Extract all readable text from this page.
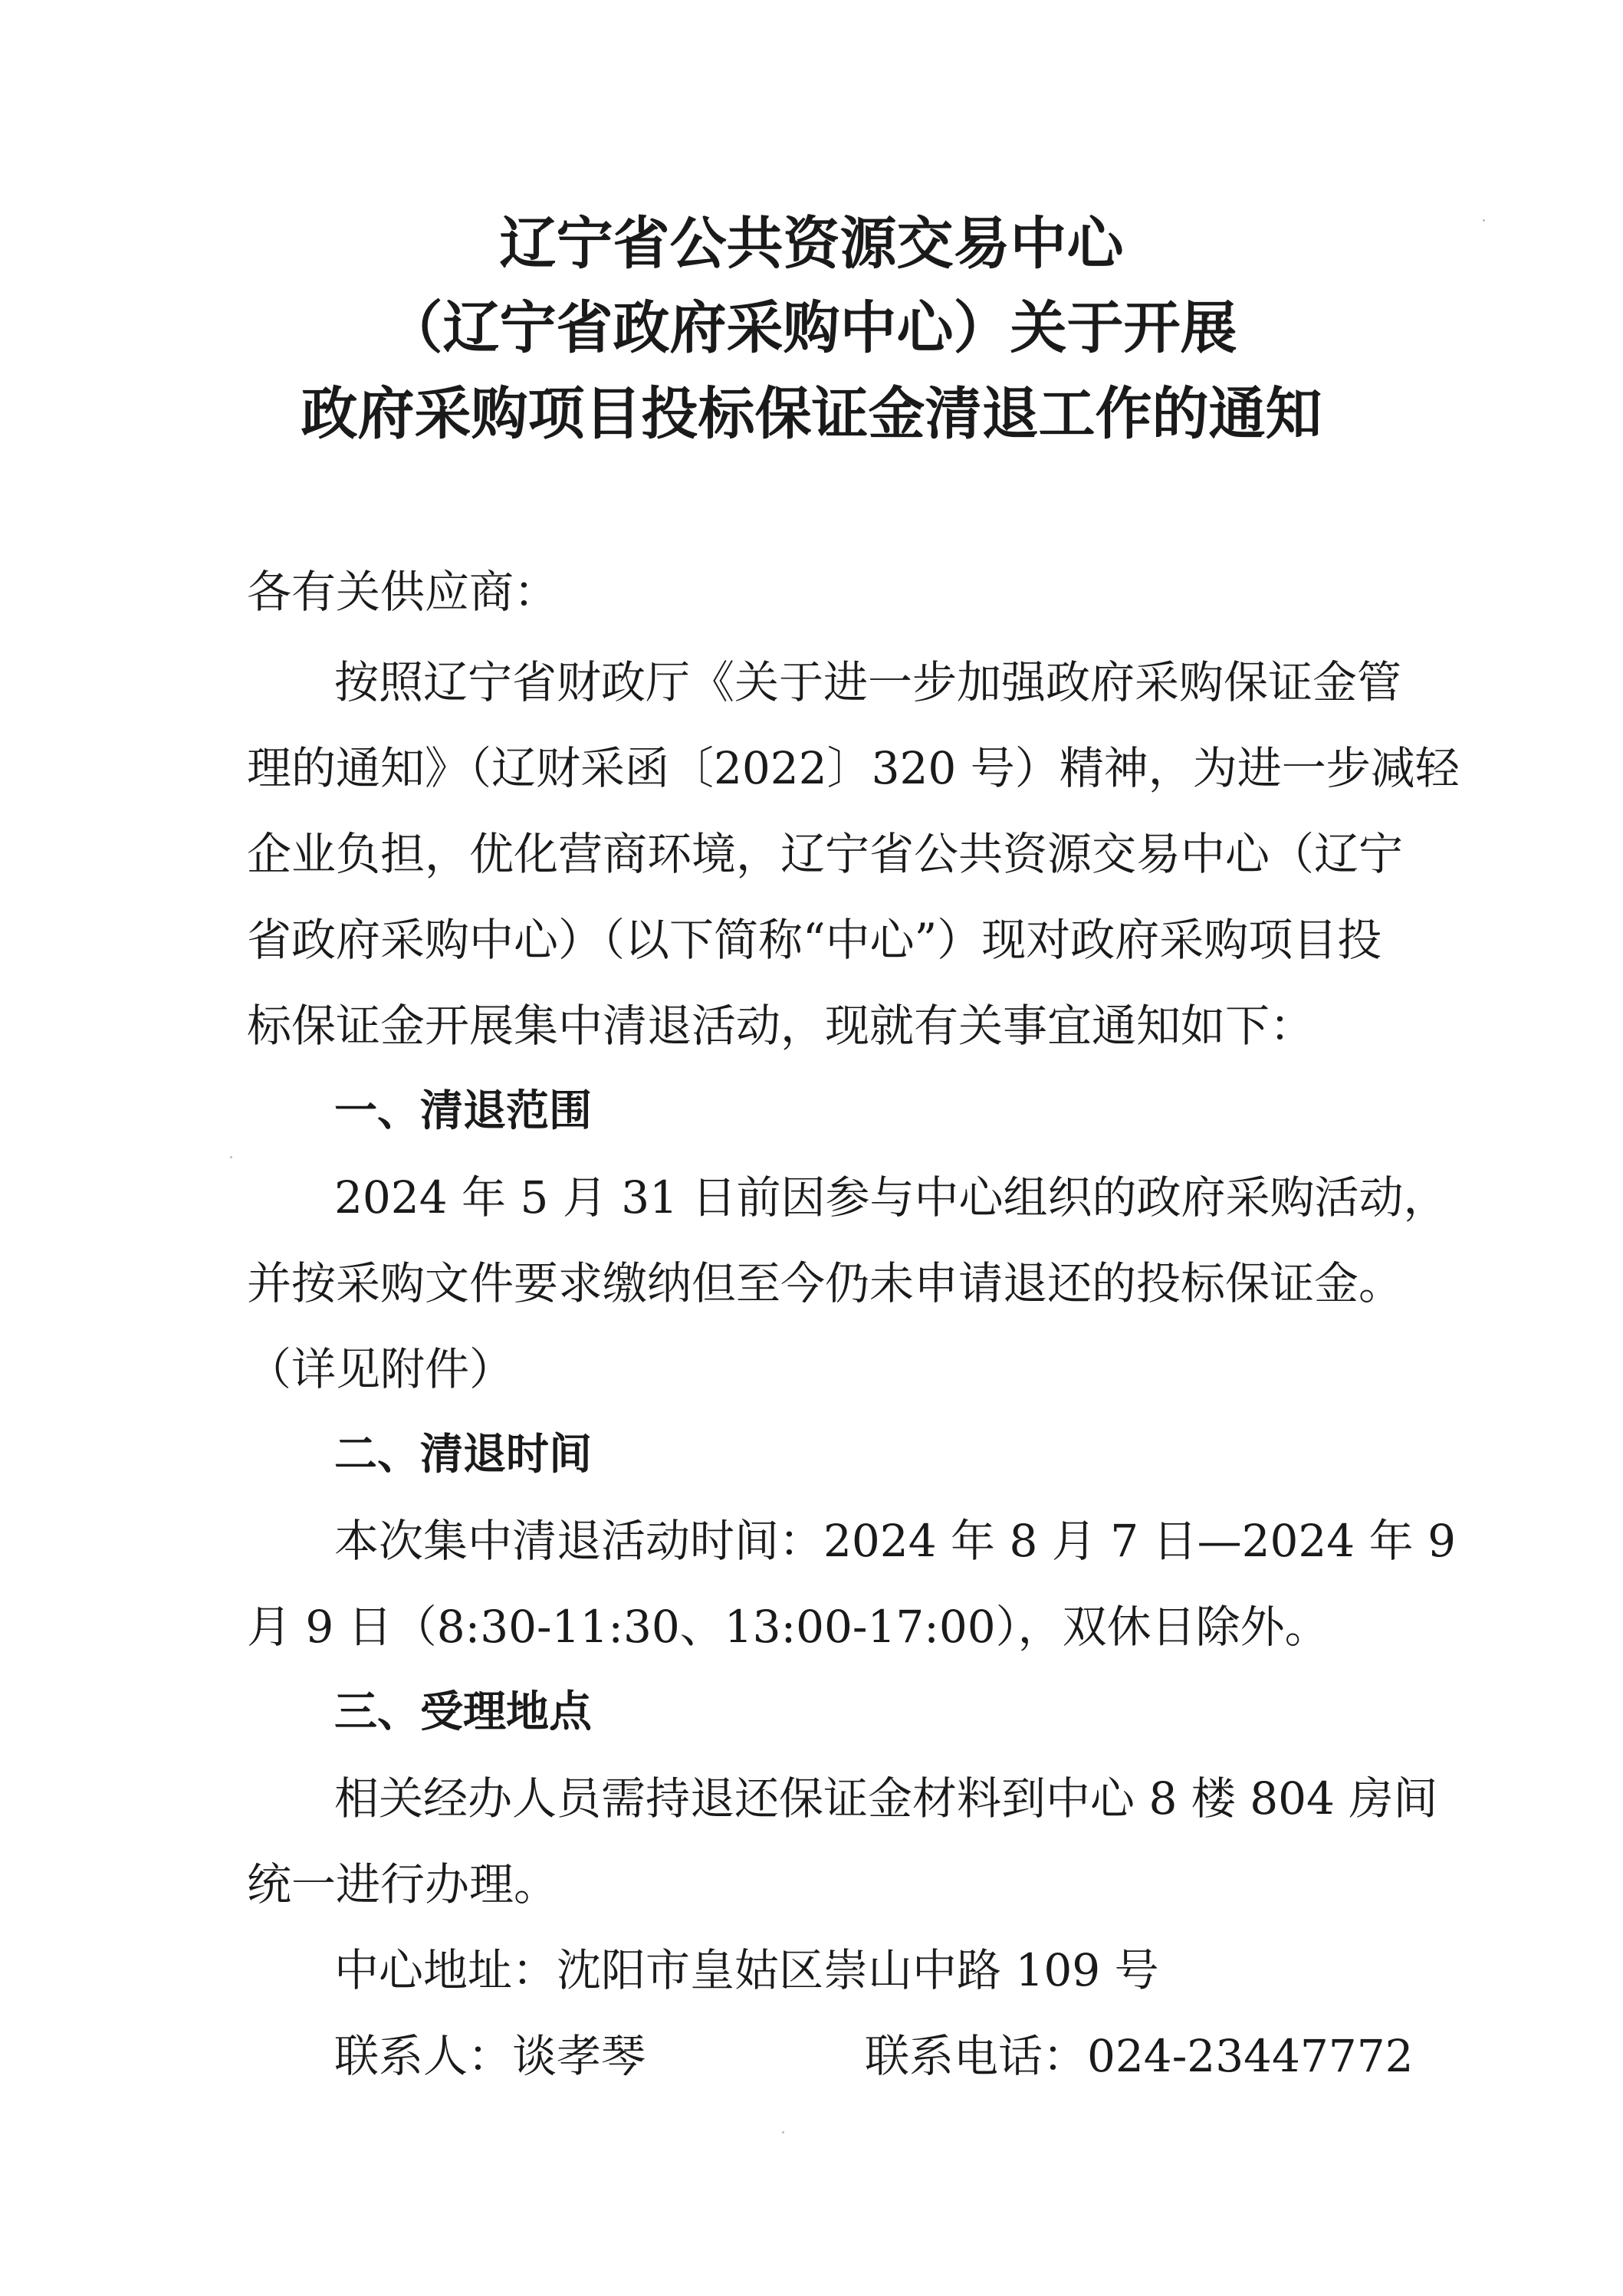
辽宁省公共资源交易中心
（辽宁省政府采购中心）关于开展
政府采购项目投标保证金清退工作的通知

各有关供应商：

按照辽宁省财政厅《关于进一步加强政府采购保证金管

理的通知》（辽财采函〔2022〕320 号）精神，为进一步减轻

企业负担，优化营商环境，辽宁省公共资源交易中心（辽宁

省政府采购中心）（以下简称“中心”）现对政府采购项目投

标保证金开展集中清退活动，现就有关事宜通知如下：

一、清退范围

2024 年 5 月 31 日前因参与中心组织的政府采购活动，

并按采购文件要求缴纳但至今仍未申请退还的投标保证金。

（详见附件）

二、清退时间

本次集中清退活动时间：2024 年 8 月 7 日—2024 年 9

月 9 日（8:30-11:30、13:00-17:00），双休日除外。

三、受理地点

相关经办人员需持退还保证金材料到中心 8 楼 804 房间

统一进行办理。

中心地址：沈阳市皇姑区崇山中路 109 号

联系人：谈孝琴	联系电话：024-23447772
